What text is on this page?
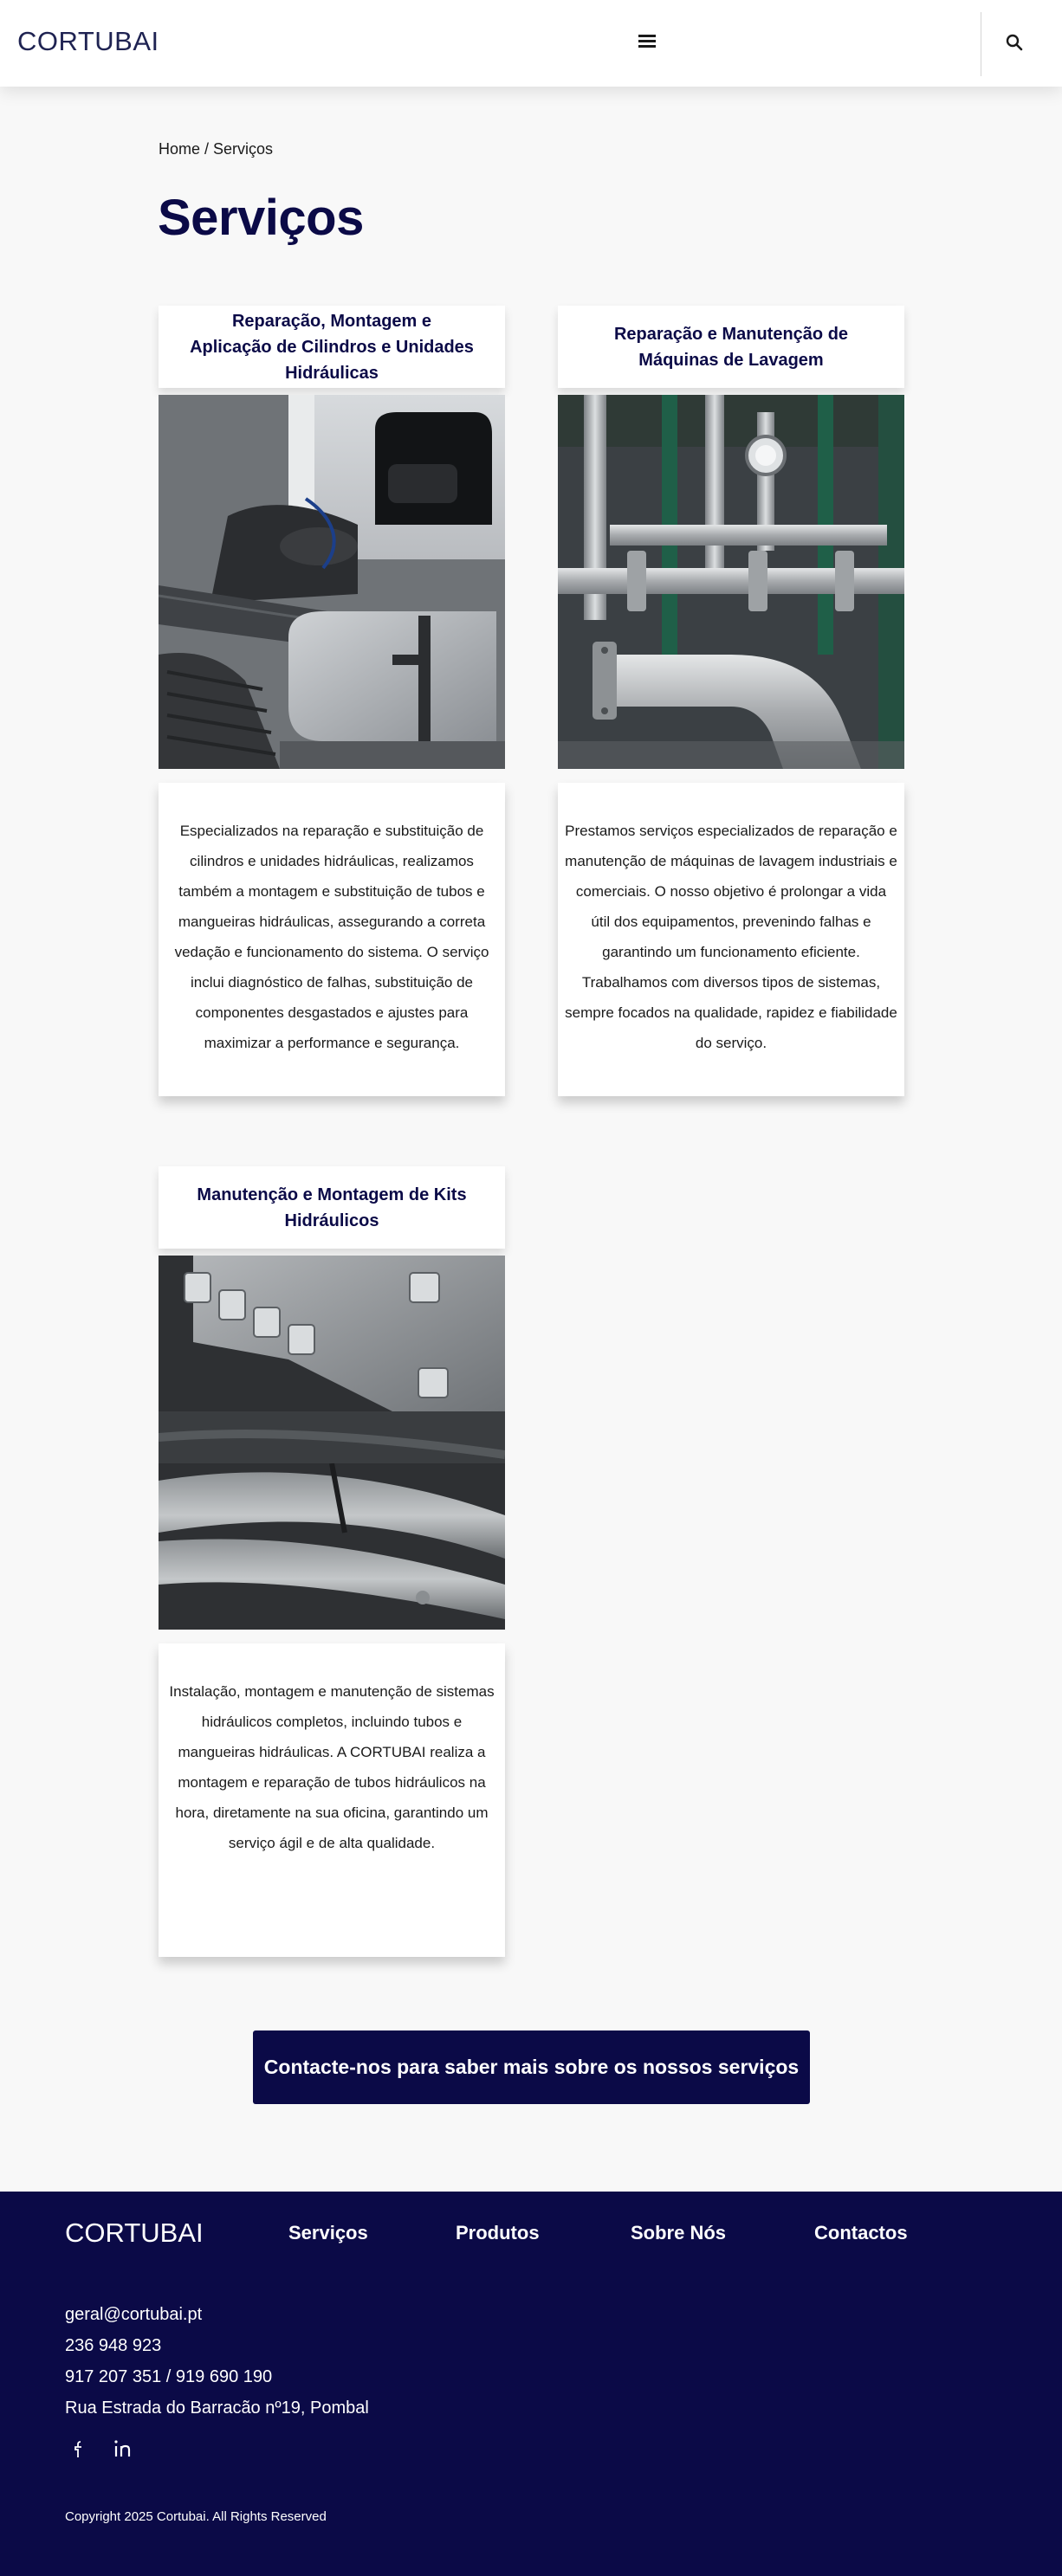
CORTUBAI
Home / Serviços
Serviços
Reparação, Montagem e Aplicação de Cilindros e Unidades Hidráulicas

Especializados na reparação e substituição de cilindros e unidades hidráulicas, realizamos também a montagem e substituição de tubos e mangueiras hidráulicas, assegurando a correta vedação e funcionamento do sistema. O serviço inclui diagnóstico de falhas, substituição de componentes desgastados e ajustes para maximizar a performance e segurança.

Reparação e Manutenção de Máquinas de Lavagem

Prestamos serviços especializados de reparação e manutenção de máquinas de lavagem industriais e comerciais. O nosso objetivo é prolongar a vida útil dos equipamentos, prevenindo falhas e garantindo um funcionamento eficiente. Trabalhamos com diversos tipos de sistemas, sempre focados na qualidade, rapidez e fiabilidade do serviço.

Manutenção e Montagem de Kits Hidráulicos

Instalação, montagem e manutenção de sistemas hidráulicos completos, incluindo tubos e mangueiras hidráulicas. A CORTUBAI realiza a montagem e reparação de tubos hidráulicos na hora, diretamente na sua oficina, garantindo um serviço ágil e de alta qualidade.

Contacte-nos para saber mais sobre os nossos serviços
CORTUBAI	Serviços	Produtos	Sobre Nós	Contactos
geral@cortubai.pt
236 948 923
917 207 351 / 919 690 190
Rua Estrada do Barracão nº19, Pombal
Copyright 2025 Cortubai. All Rights Reserved
